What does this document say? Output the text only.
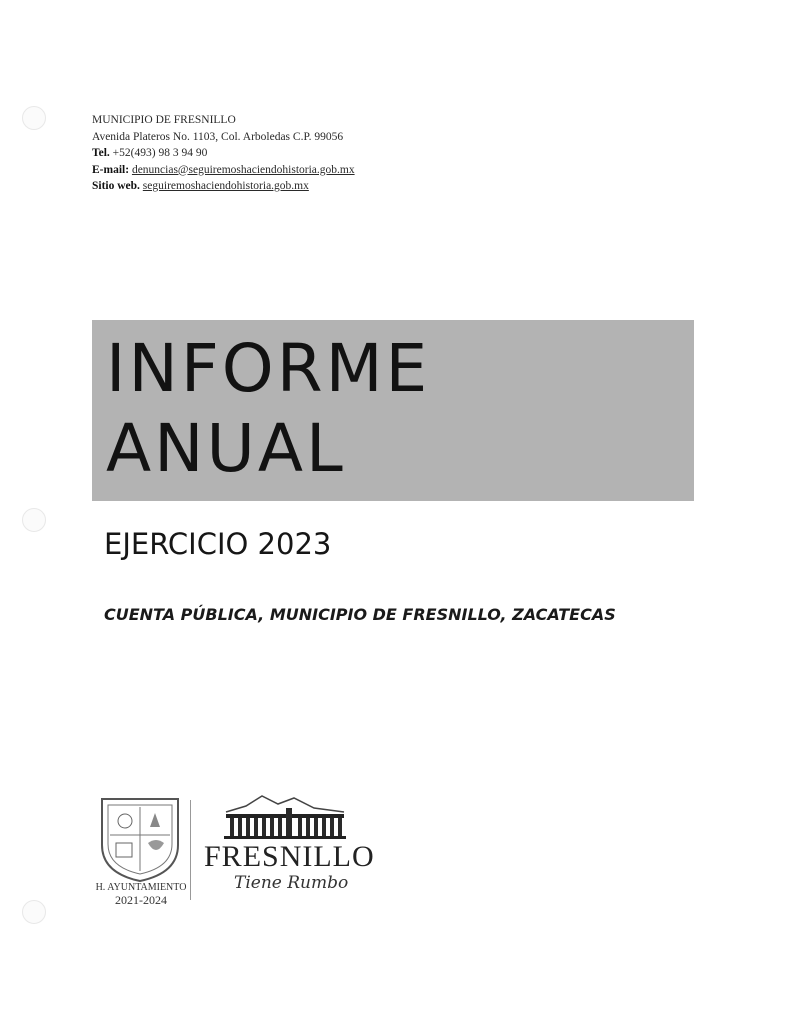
MUNICIPIO DE FRESNILLO
Avenida Plateros No. 1103, Col. Arboledas C.P. 99056
Tel. +52(493) 98 3 94 90
E-mail: denuncias@seguiremoshaciendohistoria.gob.mx
Sitio web. seguiremoshaciendohistoria.gob.mx
INFORME
ANUAL
EJERCICIO 2023
CUENTA PÚBLICA, MUNICIPIO DE FRESNILLO, ZACATECAS
H. AYUNTAMIENTO
2021-2024
FRESNILLO
Tiene Rumbo
